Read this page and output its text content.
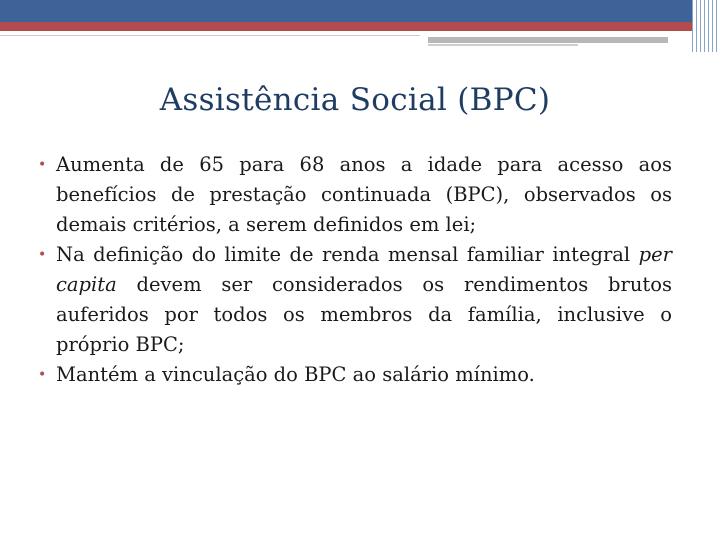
Assistência Social (BPC)
• Aumenta de 65 para 68 anos a idade para acesso aos benefícios de prestação continuada (BPC), observados os demais critérios, a serem definidos em lei;
• Na definição do limite de renda mensal familiar integral per capita devem ser considerados os rendimentos brutos auferidos por todos os membros da família, inclusive o próprio BPC;
• Mantém a vinculação do BPC ao salário mínimo.
